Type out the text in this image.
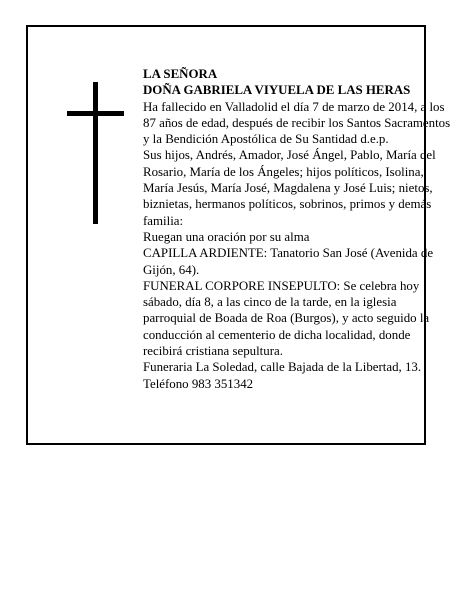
LA SEÑORA

DOÑA GABRIELA VIYUELA DE LAS HERAS

Ha fallecido en Valladolid el día 7 de marzo de 2014, a los 87 años de edad, después de recibir los Santos Sacramentos y la Bendición Apostólica de Su Santidad d.e.p.

Sus hijos, Andrés, Amador, José Ángel, Pablo, María del Rosario, María de los Ángeles; hijos políticos, Isolina, María Jesús, María José, Magdalena y José Luis; nietos, biznietas, hermanos políticos, sobrinos, primos y demás familia:

Ruegan una oración por su alma

CAPILLA ARDIENTE: Tanatorio San José (Avenida de Gijón, 64).

FUNERAL CORPORE INSEPULTO: Se celebra hoy sábado, día 8, a las cinco de la tarde, en la iglesia parroquial de Boada de Roa (Burgos), y acto seguido la conducción al cementerio de dicha localidad, donde recibirá cristiana sepultura.

Funeraria La Soledad, calle Bajada de la Libertad, 13. Teléfono 983 351342
